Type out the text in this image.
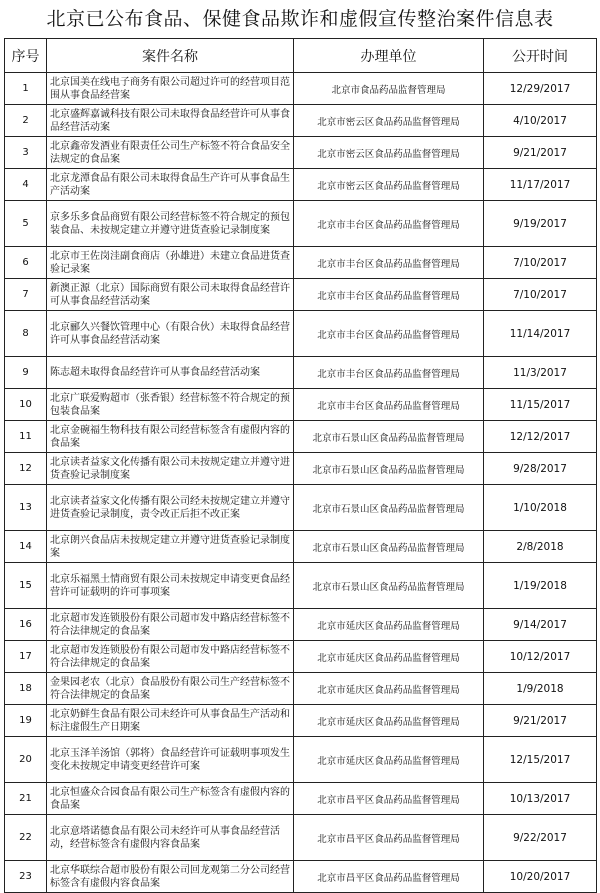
北京已公布食品、保健食品欺诈和虚假宣传整治案件信息表
序号	案件名称	办理单位	公开时间
1	北京国美在线电子商务有限公司超过许可的经营项目范围从事食品经营案	北京市食品药品监督管理局	12/29/2017
2	北京盛辉嘉诚科技有限公司未取得食品经营许可从事食品经营活动案	北京市密云区食品药品监督管理局	4/10/2017
3	北京鑫帝发酒业有限责任公司生产标签不符合食品安全法规定的食品案	北京市密云区食品药品监督管理局	9/21/2017
4	北京龙潭食品有限公司未取得食品生产许可从事食品生产活动案	北京市密云区食品药品监督管理局	11/17/2017
5	京多乐多食品商贸有限公司经营标签不符合规定的预包装食品、未按规定建立并遵守进货查验记录制度案	北京市丰台区食品药品监督管理局	9/19/2017
6	北京市王佐岗洼副食商店（孙雄进）未建立食品进货查验记录案	北京市丰台区食品药品监督管理局	7/10/2017
7	新澳正源（北京）国际商贸有限公司未取得食品经营许可从事食品经营活动案	北京市丰台区食品药品监督管理局	7/10/2017
8	北京郦久兴餐饮管理中心（有限合伙）未取得食品经营许可从事食品经营活动案	北京市丰台区食品药品监督管理局	11/14/2017
9	陈志超未取得食品经营许可从事食品经营活动案	北京市丰台区食品药品监督管理局	11/3/2017
10	北京广联爱购超市（张香银）经营标签不符合规定的预包装食品案	北京市丰台区食品药品监督管理局	11/15/2017
11	北京金碗福生物科技有限公司经营标签含有虚假内容的食品案	北京市石景山区食品药品监督管理局	12/12/2017
12	北京读者益家文化传播有限公司未按规定建立并遵守进货查验记录制度案	北京市石景山区食品药品监督管理局	9/28/2017
13	北京读者益家文化传播有限公司经未按规定建立并遵守进货查验记录制度，责令改正后拒不改正案	北京市石景山区食品药品监督管理局	1/10/2018
14	北京朗兴食品店未按规定建立并遵守进货查验记录制度案	北京市石景山区食品药品监督管理局	2/8/2018
15	北京乐福黑土情商贸有限公司未按规定申请变更食品经营许可证载明的许可事项案	北京市石景山区食品药品监督管理局	1/19/2018
16	北京超市发连锁股份有限公司超市发中路店经营标签不符合法律规定的食品案	北京市延庆区食品药品监督管理局	9/14/2017
17	北京超市发连锁股份有限公司超市发中路店经营标签不符合法律规定的食品案	北京市延庆区食品药品监督管理局	10/12/2017
18	金果园老农（北京）食品股份有限公司生产经营标签不符合法律规定的食品案	北京市延庆区食品药品监督管理局	1/9/2018
19	北京奶鲜生食品有限公司未经许可从事食品生产活动和标注虚假生产日期案	北京市延庆区食品药品监督管理局	9/21/2017
20	北京玉泽羊汤馆（郭将）食品经营许可证载明事项发生变化未按规定申请变更经营许可案	北京市延庆区食品药品监督管理局	12/15/2017
21	北京恒盛众合园食品有限公司生产标签含有虚假内容的食品案	北京市昌平区食品药品监督管理局	10/13/2017
22	北京意塔诺德食品有限公司未经许可从事食品经营活动，经营标签含有虚假内容食品案	北京市昌平区食品药品监督管理局	9/22/2017
23	北京华联综合超市股份有限公司回龙观第二分公司经营标签含有虚假内容食品案	北京市昌平区食品药品监督管理局	10/20/2017
